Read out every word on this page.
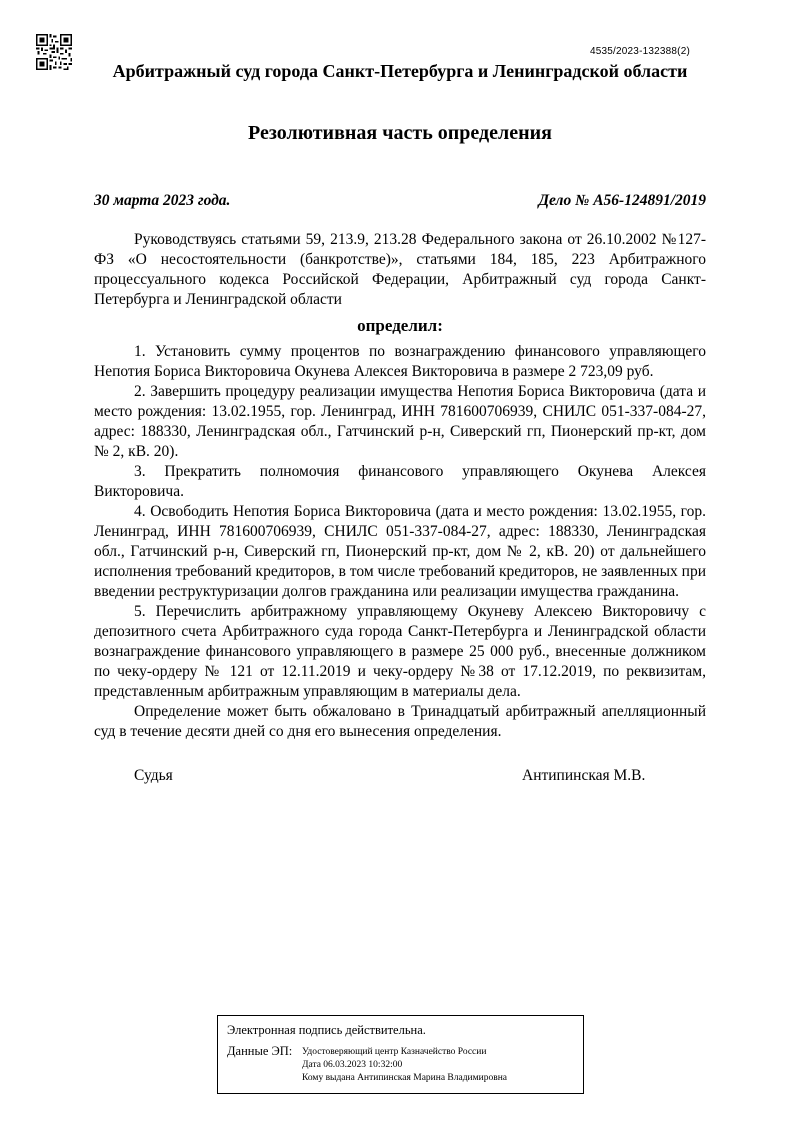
4535/2023-132388(2)
Арбитражный суд города Санкт-Петербурга и Ленинградской области
Резолютивная часть определения
30 марта 2023 года.	Дело № А56-124891/2019

Руководствуясь статьями 59, 213.9, 213.28 Федерального закона от 26.10.2002 №127-ФЗ «О несостоятельности (банкротстве)», статьями 184, 185, 223 Арбитражного процессуального кодекса Российской Федерации, Арбитражный суд города Санкт-Петербурга и Ленинградской области

определил:

1. Установить сумму процентов по вознаграждению финансового управляющего Непотия Бориса Викторовича Окунева Алексея Викторовича в размере 2 723,09 руб.

2. Завершить процедуру реализации имущества Непотия Бориса Викторовича (дата и место рождения: 13.02.1955, гор. Ленинград, ИНН 781600706939, СНИЛС 051-337-084-27, адрес: 188330, Ленинградская обл., Гатчинский р-н, Сиверский гп, Пионерский пр-кт, дом № 2, кВ. 20).

3. Прекратить полномочия финансового управляющего Окунева Алексея Викторовича.

4. Освободить Непотия Бориса Викторовича (дата и место рождения: 13.02.1955, гор. Ленинград, ИНН 781600706939, СНИЛС 051-337-084-27, адрес: 188330, Ленинградская обл., Гатчинский р-н, Сиверский гп, Пионерский пр-кт, дом № 2, кВ. 20) от дальнейшего исполнения требований кредиторов, в том числе требований кредиторов, не заявленных при введении реструктуризации долгов гражданина или реализации имущества гражданина.

5. Перечислить арбитражному управляющему Окуневу Алексею Викторовичу с депозитного счета Арбитражного суда города Санкт-Петербурга и Ленинградской области вознаграждение финансового управляющего в размере 25 000 руб., внесенные должником по чеку-ордеру № 121 от 12.11.2019 и чеку-ордеру №38 от 17.12.2019, по реквизитам, представленным арбитражным управляющим в материалы дела.

Определение может быть обжаловано в Тринадцатый арбитражный апелляционный суд в течение десяти дней со дня его вынесения определения.

Судья	Антипинская М.В.
Электронная подпись действительна.
Данные ЭП: Удостоверяющий центр Казначейство России
Дата 06.03.2023 10:32:00
Кому выдана Антипинская Марина Владимировна
